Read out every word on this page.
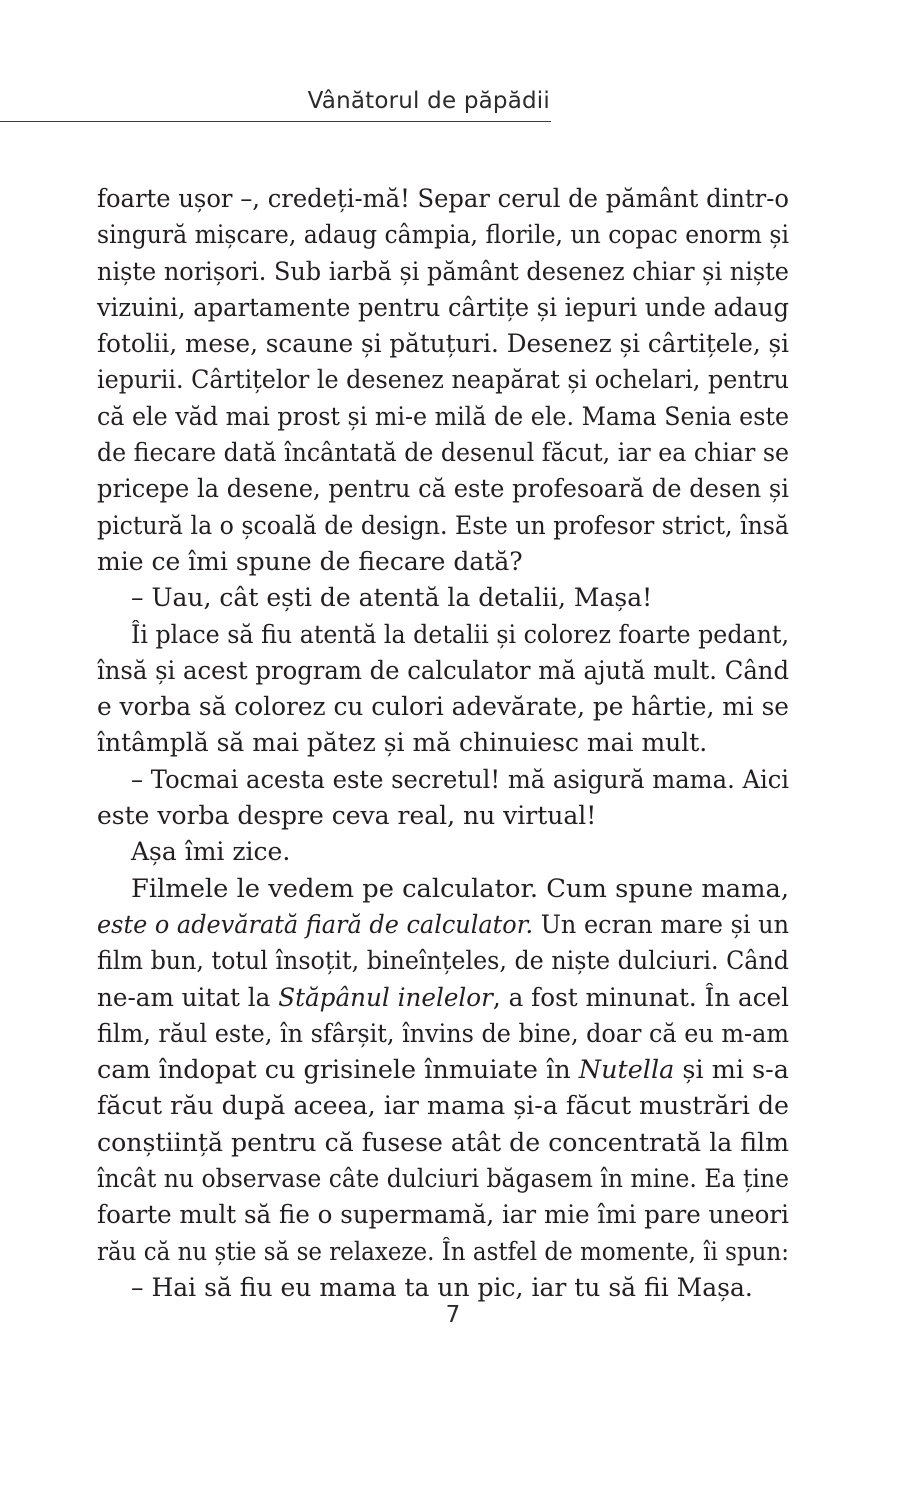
Vânătorul de păpădii
foarte ușor –, credeți-mă! Separ cerul de pământ dintr-o
singură mișcare, adaug câmpia, florile, un copac enorm și
niște norișori. Sub iarbă și pământ desenez chiar și niște
vizuini, apartamente pentru cârtițe și iepuri unde adaug
fotolii, mese, scaune și pătuțuri. Desenez și cârtițele, și
iepurii. Cârtițelor le desenez neapărat și ochelari, pentru
că ele văd mai prost și mi-e milă de ele. Mama Senia este
de fiecare dată încântată de desenul făcut, iar ea chiar se
pricepe la desene, pentru că este profesoară de desen și
pictură la o școală de design. Este un profesor strict, însă
mie ce îmi spune de fiecare dată?
– Uau, cât ești de atentă la detalii, Mașa!
Îi place să fiu atentă la detalii și colorez foarte pedant,
însă și acest program de calculator mă ajută mult. Când
e vorba să colorez cu culori adevărate, pe hârtie, mi se
întâmplă să mai pătez și mă chinuiesc mai mult.
– Tocmai acesta este secretul! mă asigură mama. Aici
este vorba despre ceva real, nu virtual!
Așa îmi zice.
Filmele le vedem pe calculator. Cum spune mama,
este o adevărată fiară de calculator. Un ecran mare și un
film bun, totul însoțit, bineînțeles, de niște dulciuri. Când
ne-am uitat la Stăpânul inelelor, a fost minunat. În acel
film, răul este, în sfârșit, învins de bine, doar că eu m-am
cam îndopat cu grisinele înmuiate în Nutella și mi s-a
făcut rău după aceea, iar mama și-a făcut mustrări de
conștiință pentru că fusese atât de concentrată la film
încât nu observase câte dulciuri băgasem în mine. Ea ține
foarte mult să fie o supermamă, iar mie îmi pare uneori
rău că nu știe să se relaxeze. În astfel de momente, îi spun:
– Hai să fiu eu mama ta un pic, iar tu să fii Mașa.
7
